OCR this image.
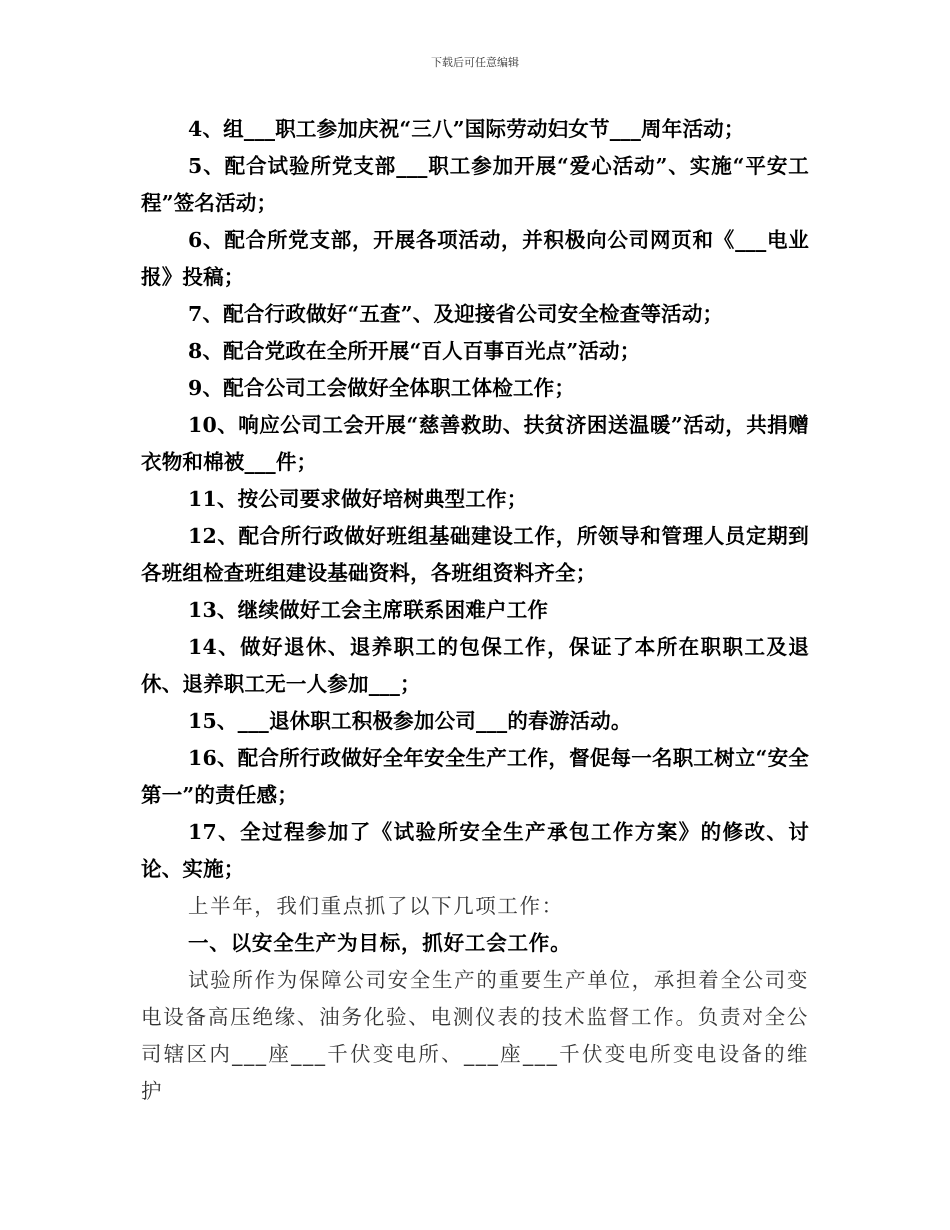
下载后可任意编辑

4、组___职工参加庆祝“三八”国际劳动妇女节___周年活动；

5、配合试验所党支部___职工参加开展“爱心活动”、实施“平安工程”签名活动；

6、配合所党支部，开展各项活动，并积极向公司网页和《___电业报》投稿；

7、配合行政做好“五查”、及迎接省公司安全检查等活动；

8、配合党政在全所开展“百人百事百光点”活动；

9、配合公司工会做好全体职工体检工作；

10、响应公司工会开展“慈善救助、扶贫济困送温暖”活动，共捐赠衣物和棉被___件；

11、按公司要求做好培树典型工作；

12、配合所行政做好班组基础建设工作，所领导和管理人员定期到各班组检查班组建设基础资料，各班组资料齐全；

13、继续做好工会主席联系困难户工作

14、做好退休、退养职工的包保工作，保证了本所在职职工及退休、退养职工无一人参加___；

15、___退休职工积极参加公司___的春游活动。

16、配合所行政做好全年安全生产工作，督促每一名职工树立“安全第一”的责任感；

17、全过程参加了《试验所安全生产承包工作方案》的修改、讨论、实施；

上半年，我们重点抓了以下几项工作：

一、以安全生产为目标，抓好工会工作。

试验所作为保障公司安全生产的重要生产单位，承担着全公司变电设备高压绝缘、油务化验、电测仪表的技术监督工作。负责对全公司辖区内___座___千伏变电所、___座___千伏变电所变电设备的维护
